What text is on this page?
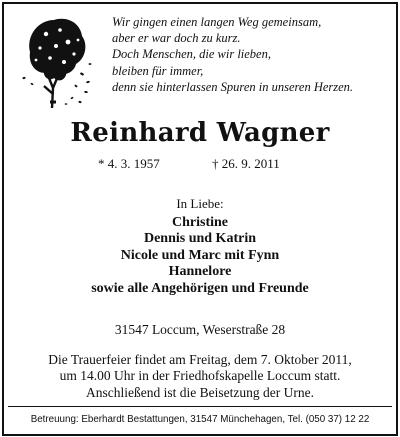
Wir gingen einen langen Weg gemeinsam,
aber er war doch zu kurz.
Doch Menschen, die wir lieben,
bleiben für immer,
denn sie hinterlassen Spuren in unseren Herzen.
Reinhard Wagner
* 4. 3. 1957	† 26. 9. 2011
In Liebe:
Christine
Dennis und Katrin
Nicole und Marc mit Fynn
Hannelore
sowie alle Angehörigen und Freunde
31547 Loccum, Weserstraße 28
Die Trauerfeier findet am Freitag, dem 7. Oktober 2011,
um 14.00 Uhr in der Friedhofskapelle Loccum statt.
Anschließend ist die Beisetzung der Urne.
Betreuung: Eberhardt Bestattungen, 31547 Münchehagen, Tel. (050 37) 12 22
